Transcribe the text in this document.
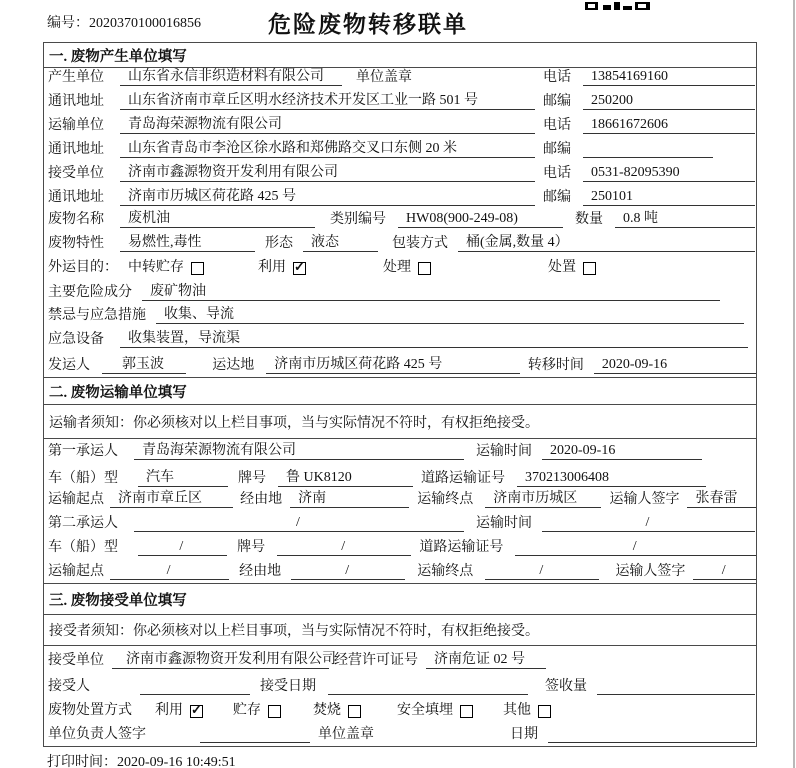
编号：2020370100016856	危险废物转移联单
一. 废物产生单位填写
产生单位	山东省永信非织造材料有限公司	单位盖章	电话	13854169160
通讯地址	山东省济南市章丘区明水经济技术开发区工业一路 501 号	邮编	250200
运输单位	青岛海荣源物流有限公司	电话	18661672606
通讯地址	山东省青岛市李沧区徐水路和郑佛路交叉口东侧 20 米	邮编
接受单位	济南市鑫源物资开发利用有限公司	电话	0531-82095390
通讯地址	济南市历城区荷花路 425 号	邮编	250101
废物名称	废机油	类别编号	HW08(900-249-08)	数量	0.8 吨
废物特性	易燃性,毒性	形态	液态	包装方式	桶(金属,数量 4）
外运目的： 中转贮存	利用 ✓	处理	处置
主要危险成分	废矿物油
禁忌与应急措施	收集、导流
应急设备	收集装置，导流渠
发运人	郭玉波	运达地	济南市历城区荷花路 425 号	转移时间	2020-09-16
二. 废物运输单位填写
运输者须知：你必须核对以上栏目事项，当与实际情况不符时，有权拒绝接受。
第一承运人	青岛海荣源物流有限公司	运输时间	2020-09-16
车（船）型	汽车	牌号	鲁 UK8120	道路运输证号	370213006408
运输起点	济南市章丘区	经由地	济南	运输终点	济南市历城区	运输人签字	张春雷
第二承运人	/	运输时间	/
车（船）型	/	牌号	/	道路运输证号	/
运输起点	/	经由地	/	运输终点	/	运输人签字	/
三. 废物接受单位填写
接受者须知：你必须核对以上栏目事项，当与实际情况不符时，有权拒绝接受。
接受单位	济南市鑫源物资开发利用有限公司
经营许可证号	济南危证 02 号
接受人	接受日期	签收量
废物处置方式 利用 ✓	贮存	焚烧	安全填埋	其他
单位负责人签字	单位盖章	日期
打印时间：2020-09-16 10:49:51
